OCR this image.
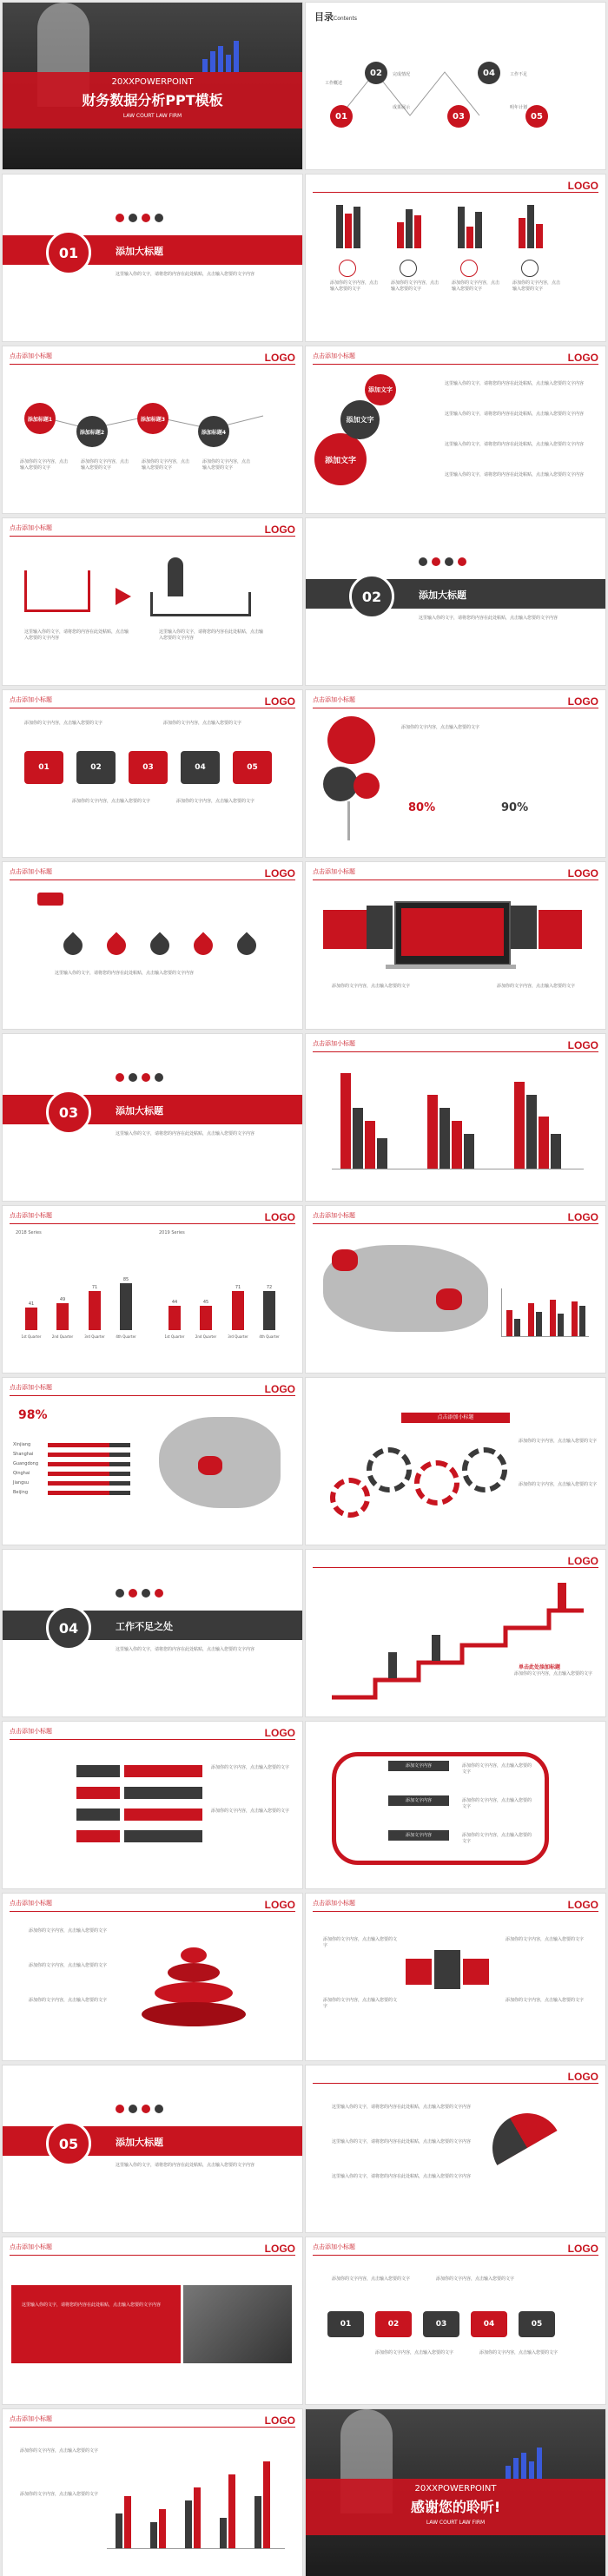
20XXPOWERPOINT
财务数据分析PPT模板
LAW COURT LAW FIRM
目录Contents
01
02
03
04
05
工作概述
完成情况
成果展示
工作不足
明年计划
01	添加大标题
这里输入你的文字，请将您的内容在此处粘贴，点击输入您要的文字内容
LOGO
添加你的文字内容，点击输入您要的文字
添加你的文字内容，点击输入您要的文字
添加你的文字内容，点击输入您要的文字
添加你的文字内容，点击输入您要的文字
点击添加小标题	LOGO
添加标题1
添加标题2
添加标题3
添加标题4
添加你的文字内容，点击输入您要的文字
添加你的文字内容，点击输入您要的文字
添加你的文字内容，点击输入您要的文字
添加你的文字内容，点击输入您要的文字
点击添加小标题	LOGO
添加文字
添加文字
添加文字
这里输入你的文字，请将您的内容在此处粘贴，点击输入您要的文字内容
这里输入你的文字，请将您的内容在此处粘贴，点击输入您要的文字内容
这里输入你的文字，请将您的内容在此处粘贴，点击输入您要的文字内容
这里输入你的文字，请将您的内容在此处粘贴，点击输入您要的文字内容
点击添加小标题	LOGO
这里输入你的文字，请将您的内容在此处粘贴，点击输入您要的文字内容
这里输入你的文字，请将您的内容在此处粘贴，点击输入您要的文字内容
02	添加大标题
这里输入你的文字，请将您的内容在此处粘贴，点击输入您要的文字内容
点击添加小标题	LOGO
01	02	03	04	05
添加你的文字内容，点击输入您要的文字	添加你的文字内容，点击输入您要的文字
添加你的文字内容，点击输入您要的文字	添加你的文字内容，点击输入您要的文字
点击添加小标题	LOGO
添加你的文字内容，点击输入您要的文字
80%	90%
点击添加小标题	LOGO
这里输入你的文字，请将您的内容在此处粘贴，点击输入您要的文字内容
点击添加小标题	LOGO
添加你的文字内容，点击输入您要的文字	添加你的文字内容，点击输入您要的文字
03	添加大标题
这里输入你的文字，请将您的内容在此处粘贴，点击输入您要的文字内容
点击添加小标题	LOGO
点击添加小标题	LOGO
2018 Series	2019 Series
41
1st Quarter
49
2nd Quarter
71
3rd Quarter
85
4th Quarter
44
1st Quarter
45
2nd Quarter
71
3rd Quarter
72
4th Quarter
点击添加小标题	LOGO
点击添加小标题	LOGO
98%
Xinjiang
Shanghai
Guangdong
Qinghai
Jiangsu
Beijing
点击添加小标题
添加你的文字内容，点击输入您要的文字
添加你的文字内容，点击输入您要的文字
04	工作不足之处
这里输入你的文字，请将您的内容在此处粘贴，点击输入您要的文字内容
LOGO
单击此处添加标题
添加你的文字内容，点击输入您要的文字
点击添加小标题	LOGO
添加你的文字内容，点击输入您要的文字
添加你的文字内容，点击输入您要的文字
添加文字内容
添加文字内容
添加文字内容
添加你的文字内容，点击输入您要的文字
添加你的文字内容，点击输入您要的文字
添加你的文字内容，点击输入您要的文字
点击添加小标题	LOGO
添加你的文字内容，点击输入您要的文字
添加你的文字内容，点击输入您要的文字
添加你的文字内容，点击输入您要的文字
点击添加小标题	LOGO
添加你的文字内容，点击输入您要的文字
添加你的文字内容，点击输入您要的文字
添加你的文字内容，点击输入您要的文字
添加你的文字内容，点击输入您要的文字
05	添加大标题
这里输入你的文字，请将您的内容在此处粘贴，点击输入您要的文字内容
LOGO
这里输入你的文字，请将您的内容在此处粘贴，点击输入您要的文字内容
这里输入你的文字，请将您的内容在此处粘贴，点击输入您要的文字内容
这里输入你的文字，请将您的内容在此处粘贴，点击输入您要的文字内容
点击添加小标题	LOGO
这里输入你的文字，请将您的内容在此处粘贴，点击输入您要的文字内容
点击添加小标题	LOGO
01	02	03	04	05
添加你的文字内容，点击输入您要的文字	添加你的文字内容，点击输入您要的文字
添加你的文字内容，点击输入您要的文字	添加你的文字内容，点击输入您要的文字
点击添加小标题	LOGO
添加你的文字内容，点击输入您要的文字
添加你的文字内容，点击输入您要的文字
20XXPOWERPOINT
感谢您的聆听!
LAW COURT LAW FIRM
